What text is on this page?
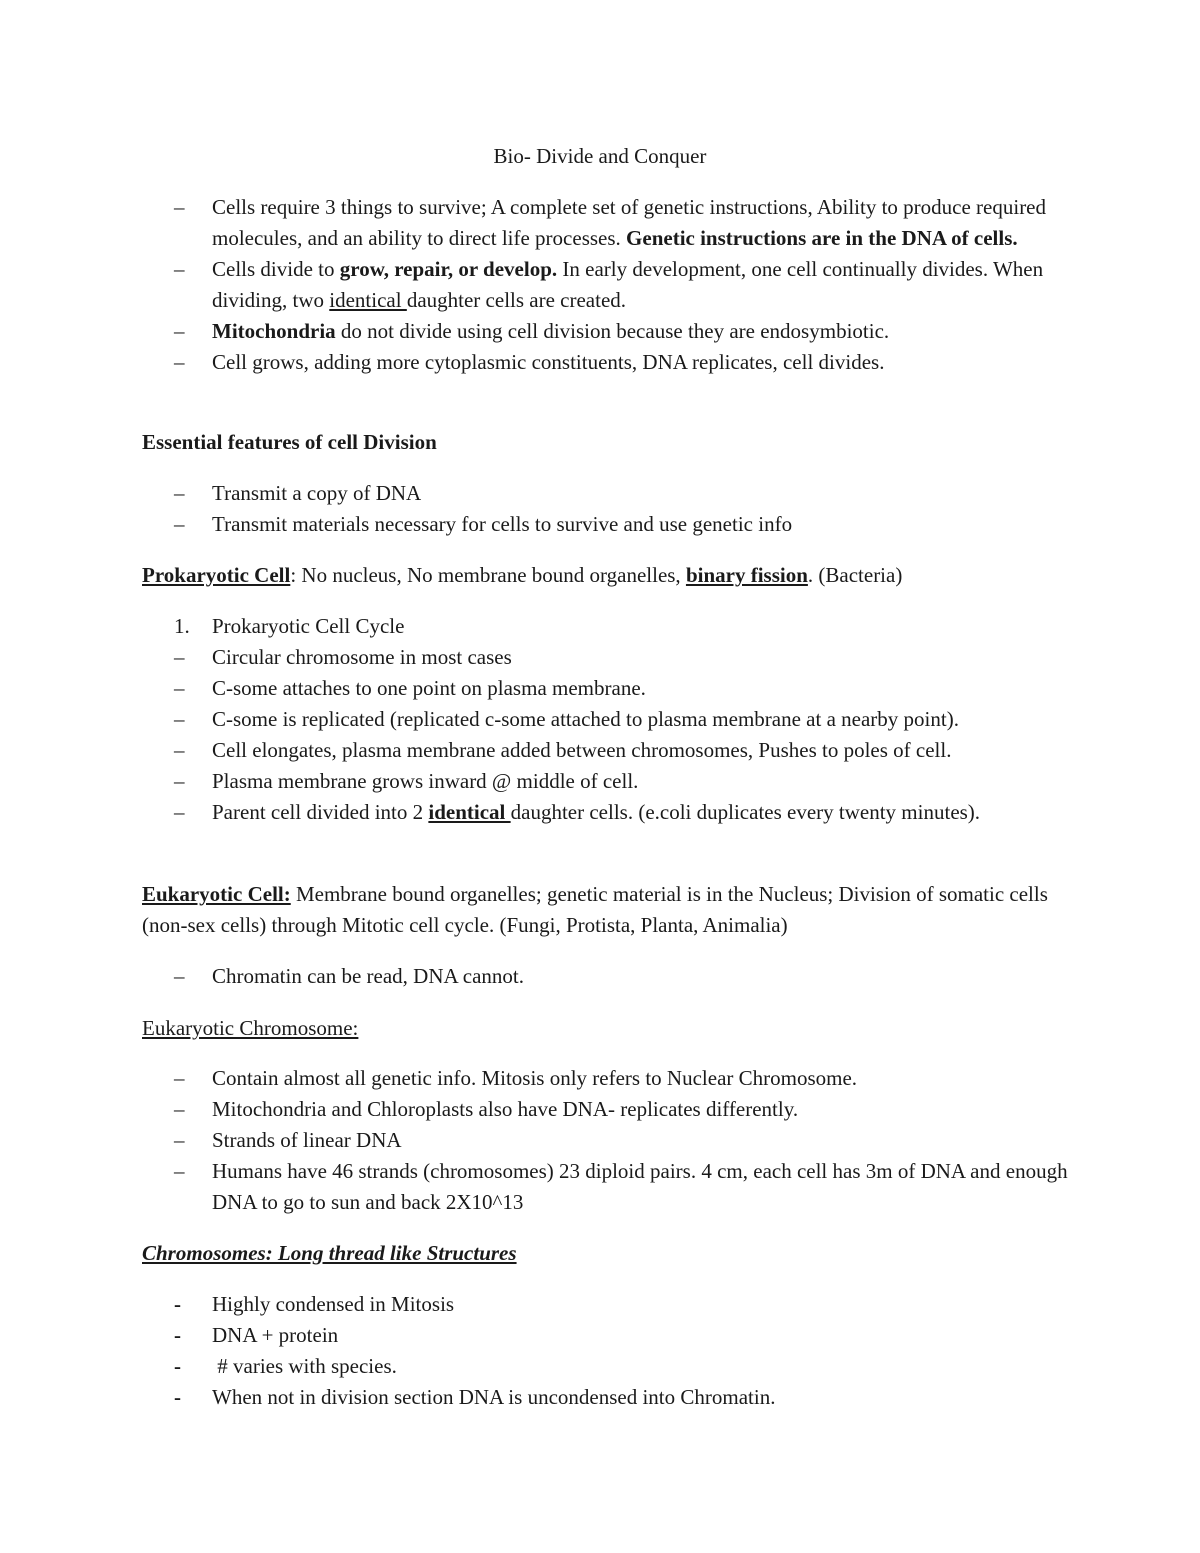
Bio- Divide and Conquer
– Cells require 3 things to survive; A complete set of genetic instructions, Ability to produce required molecules, and an ability to direct life processes. Genetic instructions are in the DNA of cells.
– Cells divide to grow, repair, or develop. In early development, one cell continually divides. When dividing, two identical daughter cells are created.
– Mitochondria do not divide using cell division because they are endosymbiotic.
– Cell grows, adding more cytoplasmic constituents, DNA replicates, cell divides.
Essential features of cell Division
– Transmit a copy of DNA
– Transmit materials necessary for cells to survive and use genetic info
Prokaryotic Cell: No nucleus, No membrane bound organelles, binary fission. (Bacteria)
1. Prokaryotic Cell Cycle
– Circular chromosome in most cases
– C-some attaches to one point on plasma membrane.
– C-some is replicated (replicated c-some attached to plasma membrane at a nearby point).
– Cell elongates, plasma membrane added between chromosomes, Pushes to poles of cell.
– Plasma membrane grows inward @ middle of cell.
– Parent cell divided into 2 identical daughter cells. (e.coli duplicates every twenty minutes).
Eukaryotic Cell: Membrane bound organelles; genetic material is in the Nucleus; Division of somatic cells (non-sex cells) through Mitotic cell cycle. (Fungi, Protista, Planta, Animalia)
– Chromatin can be read, DNA cannot.
Eukaryotic Chromosome:
– Contain almost all genetic info. Mitosis only refers to Nuclear Chromosome.
– Mitochondria and Chloroplasts also have DNA- replicates differently.
– Strands of linear DNA
– Humans have 46 strands (chromosomes) 23 diploid pairs. 4 cm, each cell has 3m of DNA and enough DNA to go to sun and back 2X10^13
Chromosomes: Long thread like Structures
- Highly condensed in Mitosis
- DNA + protein
- # varies with species.
- When not in division section DNA is uncondensed into Chromatin.
